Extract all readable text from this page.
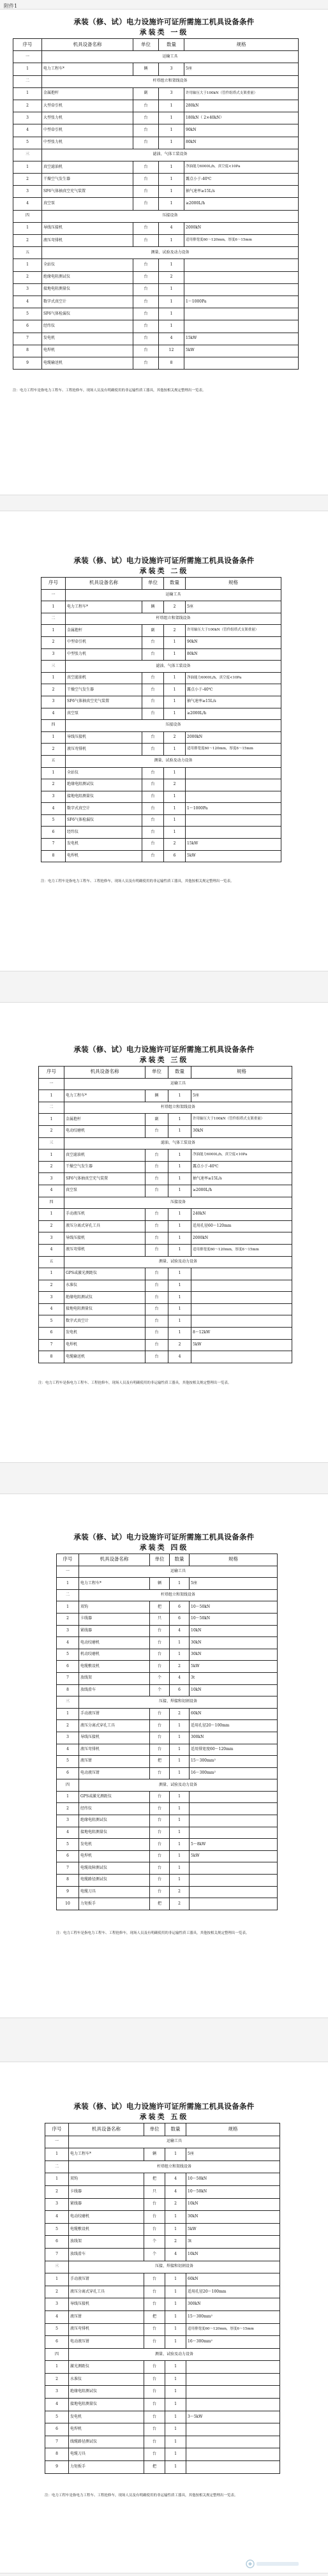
附件1
承装（修、试）电力设施许可证所需施工机具设备条件
承装类 一级
序号	机具设备名称	单位	数量	规格
一	运输工具			
1	电力工程车*	辆	3	5座
二	杆塔组立和架线设备			
1	金属抱杆	副	3	许用轴压大于100kN（管件组塔式支架重量）
2	大型牵引机	台	1	280kN
3	大型张力机	台	1	180kN（ 2×40kN）
4	中型牵引机	台	1	90kN
5	中型张力机	台	1	80kN
三	滤油、气体工装设备			
1	真空滤油机	台	1	净油能力6000L/h，真空度<10Pa
2	干燥空气发生器	台	1	露点小于-40℃
3	SF6气体抽真空充气装置	台	1	抽气速率≥15L/s
4	真空泵	台	1	≥2000L/h
四	压接设备			
1	导线压接机	台	4	2000kN
2	液压弯排机	台	1	适用排宽度60～120mm，厚度6～15mm
五	测量、试验及动力设备			
1	全站仪	台	1	
2	绝缘电阻测试仪	台	2	
3	接地电阻测量仪	台	1	
4	数字式真空计	台	1	1～1000Pa
5	SF6气体检漏仪	台	1	
6	经纬仪	台	1	
7	发电机	台	4	15kW
8	电焊机	台	12	5kW
9	电缆输送机	台	8	
注：电力工程车是指电力工程车、工程抢修车，现场人员及有明确使用的非运输性质工器具，其他按相关规定整理出一览表。
承装（修、试）电力设施许可证所需施工机具设备条件
承装类 二级
序号	机具设备名称	单位	数量	规格
一	运输工具			
1	电力工程车*	辆	2	5座
二	杆塔组立和架线设备			
1	金属抱杆	副	2	许用轴压大于100kN（管件组塔式支架重量）
2	中型牵引机	台	1	90kN
3	中型张力机	台	1	80kN
三	滤油、气体工装设备			
1	真空滤油机	台	1	净油能力6000L/h，真空度<10Pa
2	干燥空气发生器	台	1	露点小于-40℃
3	SF6气体抽真空充气装置	台	1	抽气速率≥15L/s
4	真空泵	台	1	≥2000L/h
四	压接设备			
1	导线压接机	台	2	2000kN
2	液压弯排机	台	1	适用排宽度60～120mm，厚度6～15mm
五	测量、试验及动力设备			
1	全站仪	台	1	
2	绝缘电阻测试仪	台	2	
3	接地电阻测量仪	台	1	
4	数字式真空计	台	1	1～1000Pa
5	SF6气体检漏仪	台	1	
6	经纬仪	台	1	
7	发电机	台	2	15kW
8	电焊机	台	6	5kW
注：电力工程车是指电力工程车、工程抢修车，现场人员及有明确使用的非运输性质工器具，其他按相关规定整理出一览表。
承装（修、试）电力设施许可证所需施工机具设备条件
承装类 三级
序号	机具设备名称	单位	数量	规格
一	运输工具			
1	电力工程车*	辆	1	5座
二	杆塔组立和架线设备			
1	金属抱杆	副	1	许用轴压大于100kN（管件组塔式支架重量）
2	电动绞磨机	台	1	30kN
三	滤油、气体工装设备			
1	真空滤油机	台	1	净油能力6000L/h，真空度<10Pa
2	干燥空气发生器	台	1	露点小于-40℃
3	SF6气体抽真空充气装置	台	1	抽气速率≥15L/s
4	真空泵	台	1	≥2000L/h
四	压接设备			
1	手动液压机	台	1	240kN
2	液压分离式穿孔工具	台	1	适用孔径60～120mm
3	导线压接机	台	1	2000kN
4	液压弯排机	台	1	适用排宽度60～120mm，厚度6～15mm
五	测量、试验及动力设备			
1	GPS或激光测距仪	台	1	
2	水准仪	台	1	
3	绝缘电阻测试仪	台	1	
4	接地电阻测量仪	台	1	
5	数字式真空计	台	1	
6	发电机	台	1	8～12kW
7	电焊机	台	2	5kW
8	电缆输送机	台	4	
注：电力工程车是指电力工程车、工程抢修车，现场人员及有明确使用的非运输性质工器具，其他按相关规定整理出一览表。
承装（修、试）电力设施许可证所需施工机具设备条件
承装类 四级
序号	机具设备名称	单位	数量	规格
一	运输工具			
1	电力工程车*	辆	1	5座
二	杆塔组立和架线设备			
1	双钩	把	6	10～50kN
2	卡线器	只	6	10～50kN
3	紧线器	台	4	10kN
4	电动绞磨机	台	1	30kN
5	机动绞磨机	台	1	30kN
6	电缆敷设机	台	2	5kW
7	放线架	个	4	3t
8	放线滑车	个	6	10kN
三	压接、焊接和切割设备			
1	手动液压钳	台	2	60kN
2	液压分离式穿孔工具	台	1	适用孔径20～100mm
3	导线压接机	台	1	300kN
4	液压弯排机	台	1	适用排宽度60～120mm
5	液压钳	把	1	15～300mm²
6	电动液压钳	台	1	16～300mm²
四	测量、试验及动力设备			
1	GPS或激光测距仪	台	1	
2	经纬仪	台	1	
3	绝缘电阻测试仪	台	1	
4	接地电阻测量仪	台	1	
5	发电机	台	1	5～8kW
6	电焊机	台	1	5kW
7	电缆故障测试仪	台	1	
8	电缆路径测试仪	台	1	
9	电缆刀具	台	2	
10	力矩扳手	把	2	
注：电力工程车是指电力工程车、工程抢修车，现场人员及有明确使用的非运输性质工器具，其他按相关规定整理出一览表。
承装（修、试）电力设施许可证所需施工机具设备条件
承装类 五级
序号	机具设备名称	单位	数量	规格
一	运输工具			
1	电力工程车*	辆	1	5座
二	杆塔组立和架线设备			
1	双钩	把	4	10～50kN
2	卡线器	只	4	10～50kN
3	紧线器	台	2	10kN
4	电动绞磨机	台	1	30kN
5	电缆敷设机	台	1	5kW
6	放线架	个	2	3t
7	放线滑车	个	4	10kN
三	压接、焊接和切割设备			
1	手动液压钳	台	1	60kN
2	液压分离式穿孔工具	台	1	适用孔径20～100mm
3	导线压接机	台	1	300kN
4	液压钳	把	1	15～300mm²
5	液压弯排机	台	1	适用排宽度60～120mm，厚度6～15mm
6	电动液压钳	台	1	16～300mm²
四	测量、试验及动力设备			
1	激光测距仪	台	1	
2	水准仪	台	1	
3	绝缘电阻测试仪	台	1	
4	接地电阻测量仪	台	1	
5	发电机	台	1	3～5kW
6	电焊机	台	1	
7	线缆路径测试仪	台	1	
8	电缆刀具	台	1	
9	力矩扳手	把	1	
注：电力工程车是指电力工程车、工程抢修车，现场人员及有明确使用的非运输性质工器具，其他按相关规定整理出一览表。
